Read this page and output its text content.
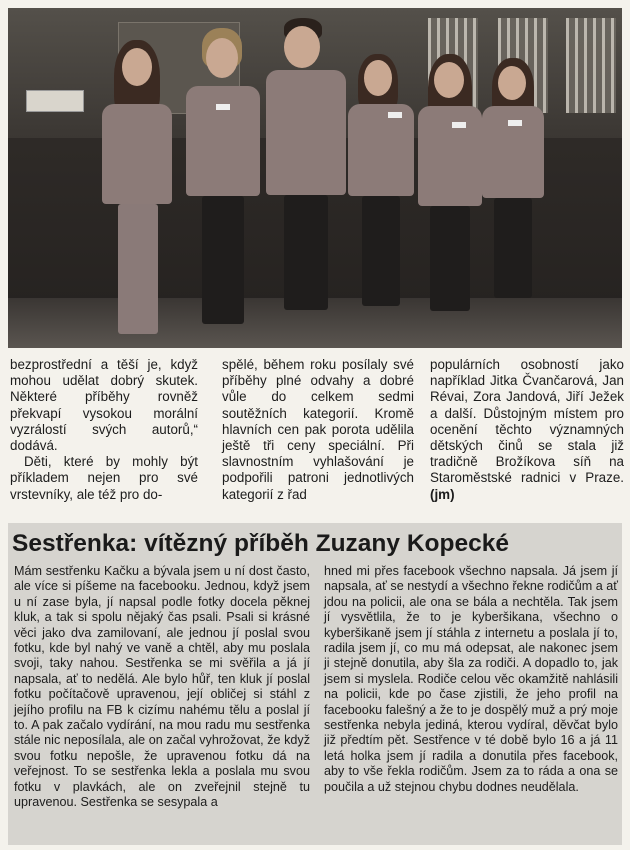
bezprostřední a těší je, když mohou udělat dobrý skutek. Některé příběhy rovněž překvapí vysokou morální vyzrálostí svých autorů,“ dodává.

Děti, které by mohly být příkladem nejen pro své vrstevníky, ale též pro do-

spělé, během roku posílaly své příběhy plné odvahy a dobré vůle do celkem sedmi soutěžních kategorií. Kromě hlavních cen pak porota udělila ještě tři ceny speciální. Při slavnostním vyhlašování je podpořili patroni jednotlivých kategorií z řad

populárních osobností jako například Jitka Čvančarová, Jan Révai, Zora Jandová, Jiří Ježek a další. Důstojným místem pro ocenění těchto významných dětských činů se stala již tradičně Brožíkova síň na Staroměstské radnici v Praze. (jm)

Sestřenka: vítězný příběh Zuzany Kopecké

Mám sestřenku Kačku a bývala jsem u ní dost často, ale více si píšeme na facebooku. Jednou, když jsem u ní zase byla, jí napsal podle fotky docela pěknej kluk, a tak si spolu nějaký čas psali. Psali si krásné věci jako dva zamilovaní, ale jednou jí poslal svou fotku, kde byl nahý ve vaně a chtěl, aby mu poslala svoji, taky nahou. Sestřenka se mi svěřila a já jí napsala, ať to nedělá. Ale bylo hůř, ten kluk jí poslal fotku počítačově upravenou, její obličej si stáhl z jejího profilu na FB k cizímu nahému tělu a poslal jí to. A pak začalo vydírání, na mou radu mu sestřenka stále nic neposílala, ale on začal vyhrožovat, že když svou fotku nepošle, že upravenou fotku dá na veřejnost. To se sestřenka lekla a poslala mu svou fotku v plavkách, ale on zveřejnil stejně tu upravenou. Sestřenka se sesypala a

hned mi přes facebook všechno napsala. Já jsem jí napsala, ať se nestydí a všechno řekne rodičům a ať jdou na policii, ale ona se bála a nechtěla. Tak jsem jí vysvětlila, že to je kyberšikana, všechno o kyberšikaně jsem jí stáhla z internetu a poslala jí to, radila jsem jí, co mu má odepsat, ale nakonec jsem ji stejně donutila, aby šla za rodiči. A dopadlo to, jak jsem si myslela. Rodiče celou věc okamžitě nahlásili na policii, kde po čase zjistili, že jeho profil na facebooku falešný a že to je dospělý muž a prý moje sestřenka nebyla jediná, kterou vydíral, děvčat bylo již předtím pět. Sestřence v té době bylo 16 a já 11 letá holka jsem jí radila a donutila přes facebook, aby to vše řekla rodičům. Jsem za to ráda a ona se poučila a už stejnou chybu dodnes neudělala.
